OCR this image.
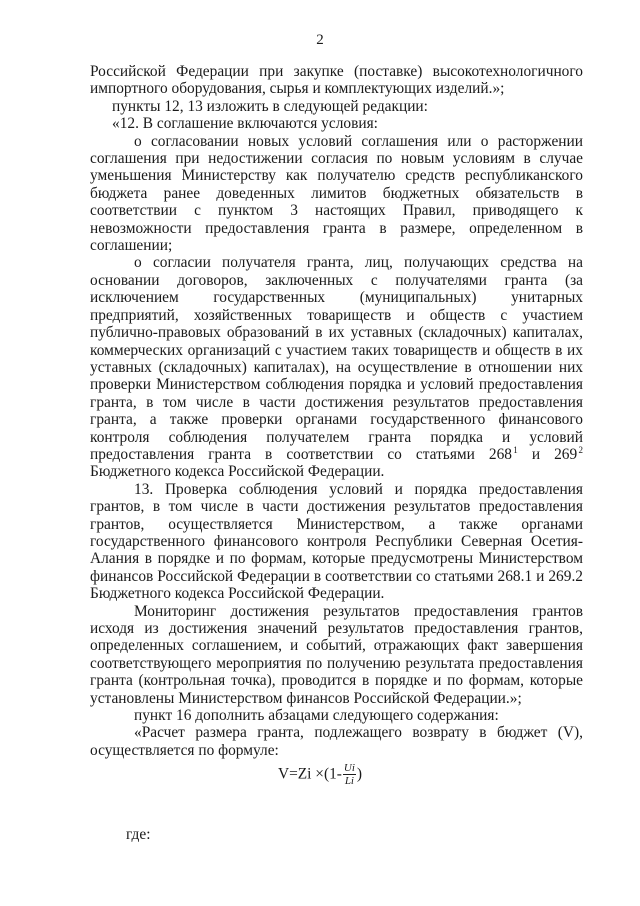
2

Российской Федерации при закупке (поставке) высокотехнологичного импортного оборудования, сырья и комплектующих изделий.»;

пункты 12, 13 изложить в следующей редакции:

«12. В соглашение включаются условия:

о согласовании новых условий соглашения или о расторжении соглашения при недостижении согласия по новым условиям в случае уменьшения Министерству как получателю средств республиканского бюджета ранее доведенных лимитов бюджетных обязательств в соответствии с пунктом 3 настоящих Правил, приводящего к невозможности предоставления гранта в размере, определенном в соглашении;

о согласии получателя гранта, лиц, получающих средства на основании договоров, заключенных с получателями гранта (за исключением государственных (муниципальных) унитарных предприятий, хозяйственных товариществ и обществ с участием публично-правовых образований в их уставных (складочных) капиталах, коммерческих организаций с участием таких товариществ и обществ в их уставных (складочных) капиталах), на осуществление в отношении них проверки Министерством соблюдения порядка и условий предоставления гранта, в том числе в части достижения результатов предоставления гранта, а также проверки органами государственного финансового контроля соблюдения получателем гранта порядка и условий предоставления гранта в соответствии со статьями 268 $^1$ и 269 $^2$ Бюджетного кодекса Российской Федерации.

13. Проверка соблюдения условий и порядка предоставления грантов, в том числе в части достижения результатов предоставления грантов, осуществляется Министерством, а также органами государственного финансового контроля Республики Северная Осетия-Алания в порядке и по формам, которые предусмотрены Министерством финансов Российской Федерации в соответствии со статьями 268.1 и 269.2 Бюджетного кодекса Российской Федерации.

Мониторинг достижения результатов предоставления грантов исходя из достижения значений результатов предоставления грантов, определенных соглашением, и событий, отражающих факт завершения соответствующего мероприятия по получению результата предоставления гранта (контрольная точка), проводится в порядке и по формам, которые установлены Министерством финансов Российской Федерации.»;

пункт 16 дополнить абзацами следующего содержания:

«Расчет размера гранта, подлежащего возврату в бюджет (V), осуществляется по формуле:

$V=Zi \times(1- \frac{Ui}{Li}$ )
где:
